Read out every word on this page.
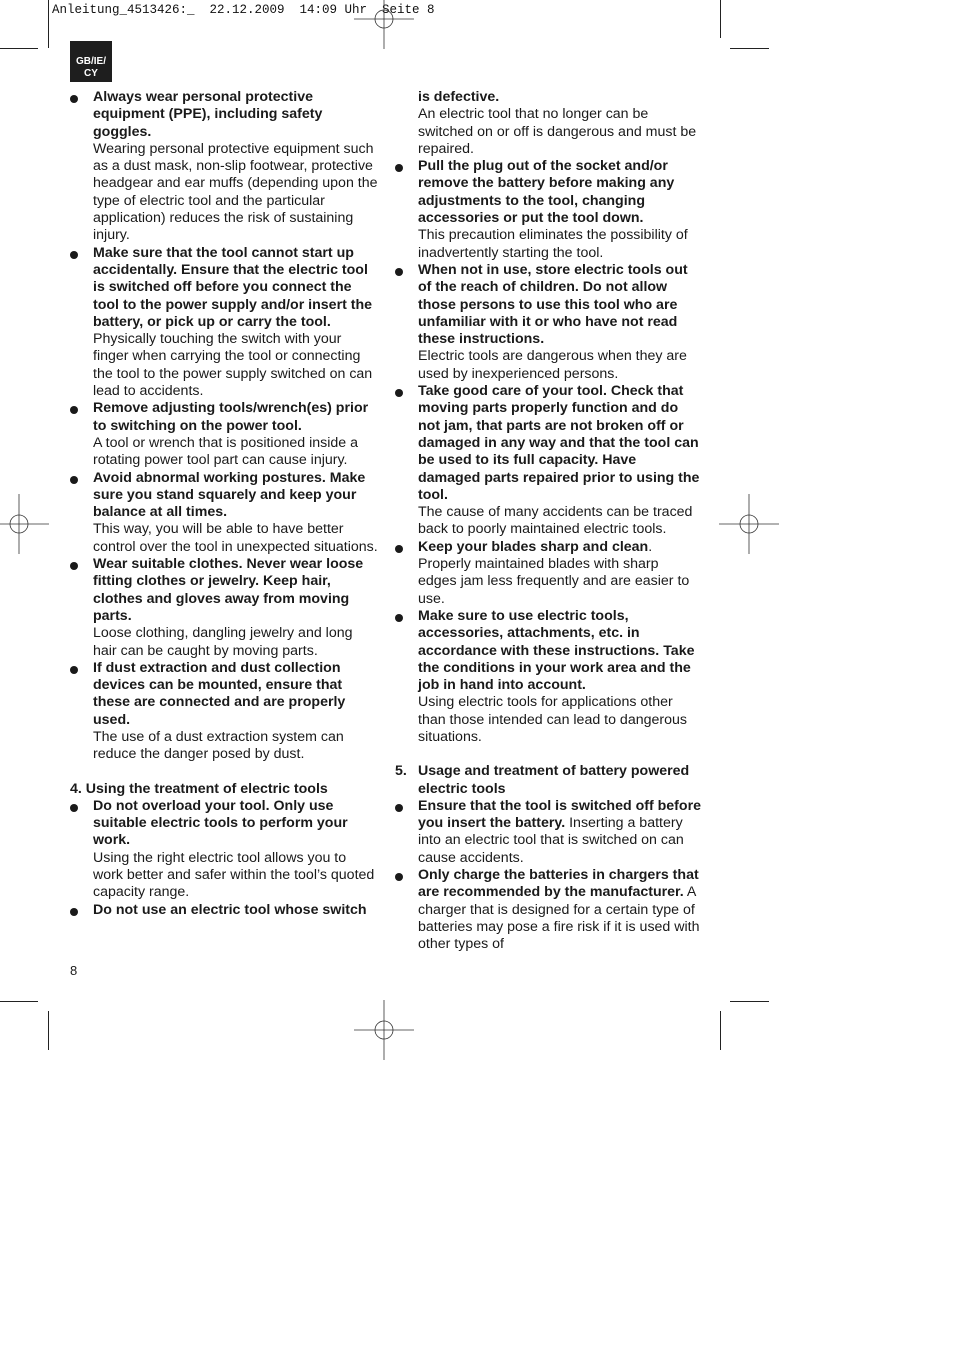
Anleitung_4513426:_  22.12.2009  14:09 Uhr  Seite 8
GB/IE/
CY
Always wear personal protective equipment (PPE), including safety goggles.
Wearing personal protective equipment such as a dust mask, non-slip footwear, protective headgear and ear muffs (depending upon the type of electric tool and the particular application) reduces the risk of sustaining injury.
Make sure that the tool cannot start up accidentally. Ensure that the electric tool is switched off before you connect the tool to the power supply and/or insert the battery, or pick up or carry the tool.
Physically touching the switch with your finger when carrying the tool or connecting the tool to the power supply switched on can lead to accidents.
Remove adjusting tools/wrench(es) prior to switching on the power tool.
A tool or wrench that is positioned inside a rotating power tool part can cause injury.
Avoid abnormal working postures. Make sure you stand squarely and keep your balance at all times.
This way, you will be able to have better control over the tool in unexpected situations.
Wear suitable clothes. Never wear loose fitting clothes or jewelry. Keep hair, clothes and gloves away from moving parts.
Loose clothing, dangling jewelry and long hair can be caught by moving parts.
If dust extraction and dust collection devices can be mounted, ensure that these are connected and are properly used.
The use of a dust extraction system can reduce the danger posed by dust.
4. Using the treatment of electric tools
Do not overload your tool. Only use suitable electric tools to perform your work.
Using the right electric tool allows you to work better and safer within the tool’s quoted capacity range.
Do not use an electric tool whose switch
is defective.
An electric tool that no longer can be switched on or off is dangerous and must be repaired.
Pull the plug out of the socket and/or remove the battery before making any adjustments to the tool, changing accessories or put the tool down.
This precaution eliminates the possibility of inadvertently starting the tool.
When not in use, store electric tools out of the reach of children. Do not allow those persons to use this tool who are unfamiliar with it or who have not read these instructions.
Electric tools are dangerous when they are used by inexperienced persons.
Take good care of your tool. Check that moving parts properly function and do not jam, that parts are not broken off or damaged in any way and that the tool can be used to its full capacity. Have damaged parts repaired prior to using the tool.
The cause of many accidents can be traced back to poorly maintained electric tools.
Keep your blades sharp and clean.
Properly maintained blades with sharp edges jam less frequently and are easier to use.
Make sure to use electric tools, accessories, attachments, etc. in accordance with these instructions. Take the conditions in your work area and the job in hand into account.
Using electric tools for applications other than those intended can lead to dangerous situations.
5. Usage and treatment of battery powered electric tools
Ensure that the tool is switched off before you insert the battery. Inserting a battery into an electric tool that is switched on can cause accidents.
Only charge the batteries in chargers that are recommended by the manufacturer. A charger that is designed for a certain type of batteries may pose a fire risk if it is used with other types of
8
